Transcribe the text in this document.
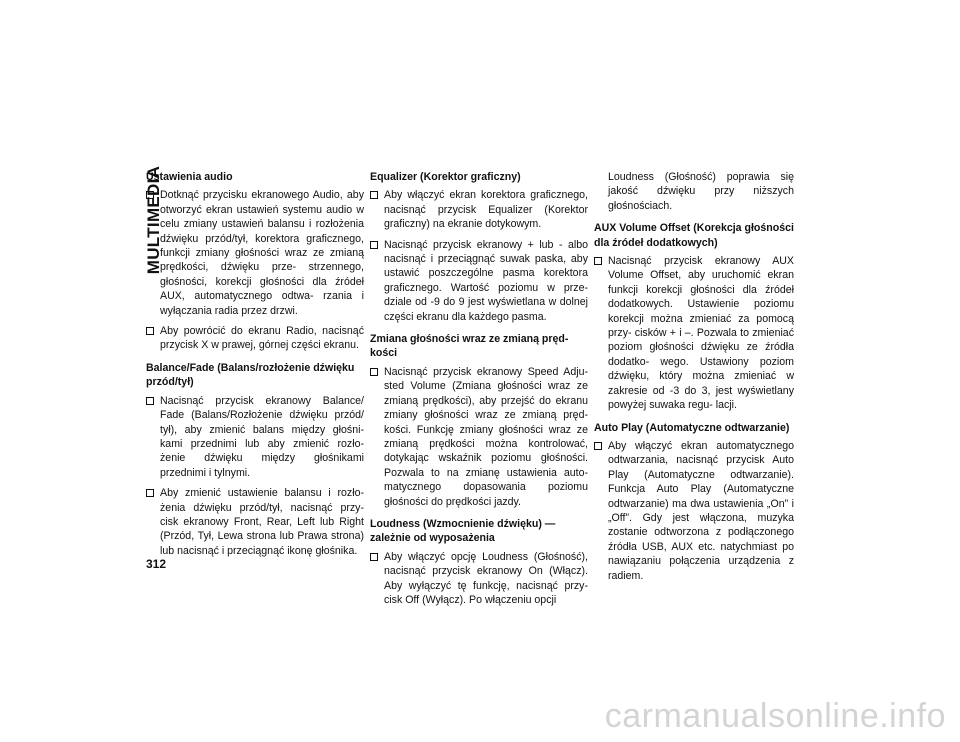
MULTIMEDIA
Ustawienia audio
Dotknąć przycisku ekranowego Audio, aby otworzyć ekran ustawień systemu audio w celu zmiany ustawień balansu i rozłożenia dźwięku przód/tył, korektora graficznego, funkcji zmiany głośności wraz ze zmianą prędkości, dźwięku prze- strzennego, głośności, korekcji głośności dla źródeł AUX, automatycznego odtwa- rzania i wyłączania radia przez drzwi.
Aby powrócić do ekranu Radio, nacisnąć przycisk X w prawej, górnej części ekranu.
Balance/Fade (Balans/rozłożenie dźwięku przód/tył)
Nacisnąć przycisk ekranowy Balance/ Fade (Balans/Rozłożenie dźwięku przód/ tył), aby zmienić balans między głośni- kami przednimi lub aby zmienić rozło- żenie dźwięku między głośnikami przednimi i tylnymi.
Aby zmienić ustawienie balansu i rozło- żenia dźwięku przód/tył, nacisnąć przy- cisk ekranowy Front, Rear, Left lub Right (Przód, Tył, Lewa strona lub Prawa strona) lub nacisnąć i przeciągnąć ikonę głośnika.
Equalizer (Korektor graficzny)
Aby włączyć ekran korektora graficznego, nacisnąć przycisk Equalizer (Korektor graficzny) na ekranie dotykowym.
Nacisnąć przycisk ekranowy + lub - albo nacisnąć i przeciągnąć suwak paska, aby ustawić poszczególne pasma korektora graficznego. Wartość poziomu w prze- dziale od -9 do 9 jest wyświetlana w dolnej części ekranu dla każdego pasma.
Zmiana głośności wraz ze zmianą pręd- kości
Nacisnąć przycisk ekranowy Speed Adju- sted Volume (Zmiana głośności wraz ze zmianą prędkości), aby przejść do ekranu zmiany głośności wraz ze zmianą pręd- kości. Funkcję zmiany głośności wraz ze zmianą prędkości można kontrolować, dotykając wskaźnik poziomu głośności. Pozwala to na zmianę ustawienia auto- matycznego dopasowania poziomu głośności do prędkości jazdy.
Loudness (Wzmocnienie dźwięku) — zależnie od wyposażenia
Aby włączyć opcję Loudness (Głośność), nacisnąć przycisk ekranowy On (Włącz). Aby wyłączyć tę funkcję, nacisnąć przy- cisk Off (Wyłącz). Po włączeniu opcji
Loudness (Głośność) poprawia się jakość dźwięku przy niższych głośnościach.
AUX Volume Offset (Korekcja głośności dla źródeł dodatkowych)
Nacisnąć przycisk ekranowy AUX Volume Offset, aby uruchomić ekran funkcji korekcji głośności dla źródeł dodatkowych. Ustawienie poziomu korekcji można zmieniać za pomocą przy- cisków + i –. Pozwala to zmieniać poziom głośności dźwięku ze źródła dodatko- wego. Ustawiony poziom dźwięku, który można zmieniać w zakresie od -3 do 3, jest wyświetlany powyżej suwaka regu- lacji.
Auto Play (Automatyczne odtwarzanie)
Aby włączyć ekran automatycznego odtwarzania, nacisnąć przycisk Auto Play (Automatyczne odtwarzanie). Funkcja Auto Play (Automatyczne odtwarzanie) ma dwa ustawienia „On” i „Off”. Gdy jest włączona, muzyka zostanie odtworzona z podłączonego źródła USB, AUX etc. natychmiast po nawiązaniu połączenia urządzenia z radiem.
312
carmanualsonline.info
